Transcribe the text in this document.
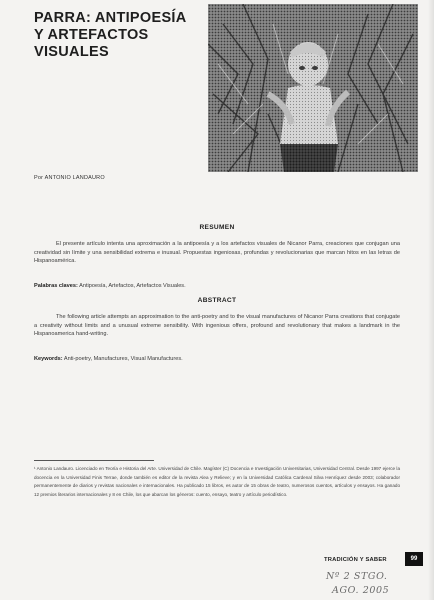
PARRA: ANTIPOESÍA
Y ARTEFACTOS VISUALES
Por ANTONIO LANDAURO
RESUMEN
El presente artículo intenta una aproximación a la antipoesía y a los artefactos visuales de Nicanor Parra, creaciones que conjugan una creatividad sin límite y una sensibilidad extrema e inusual. Propuestas ingeniosas, profundas y revolucionarias que marcan hitos en las letras de Hispanoamérica.
Palabras claves: Antipoesía, Artefactos, Artefactos Visuales.
ABSTRACT
The following article attempts an approximation to the anti-poetry and to the visual manufactures of Nicanor Parra creations that conjugate a creativity without limits and a unusual extreme sensibility. With ingenious offers, profound and revolutionary that makes a landmark in the Hispanoamerica hand-writing.
Keywords: Anti-poetry, Manufactures, Visual Manufactures.
¹ Antonio Landauro. Licenciado en Teoría e Historia del Arte. Universidad de Chile. Magíster (C) Docencia e Investigación Universitarias, Universidad Central. Desde 1997 ejerce la docencia en la Universidad Finis Terrae, donde también es editor de la revista Alea y Relieve; y en la Universidad Católica Cardenal Silva Henríquez desde 2003; colaborador permanentemente de diarios y revistas nacionales e internacionales. Ha publicado 15 libros, es autor de 15 obras de teatro, numerosos cuentos, artículos y ensayos. Ha ganado 12 premios literarios internacionales y 8 en Chile, los que abarcan los géneros: cuento, ensayo, teatro y artículo periodístico.
TRADICIÓN Y SABER	99
Nº 2 STGO.
AGO. 2005
